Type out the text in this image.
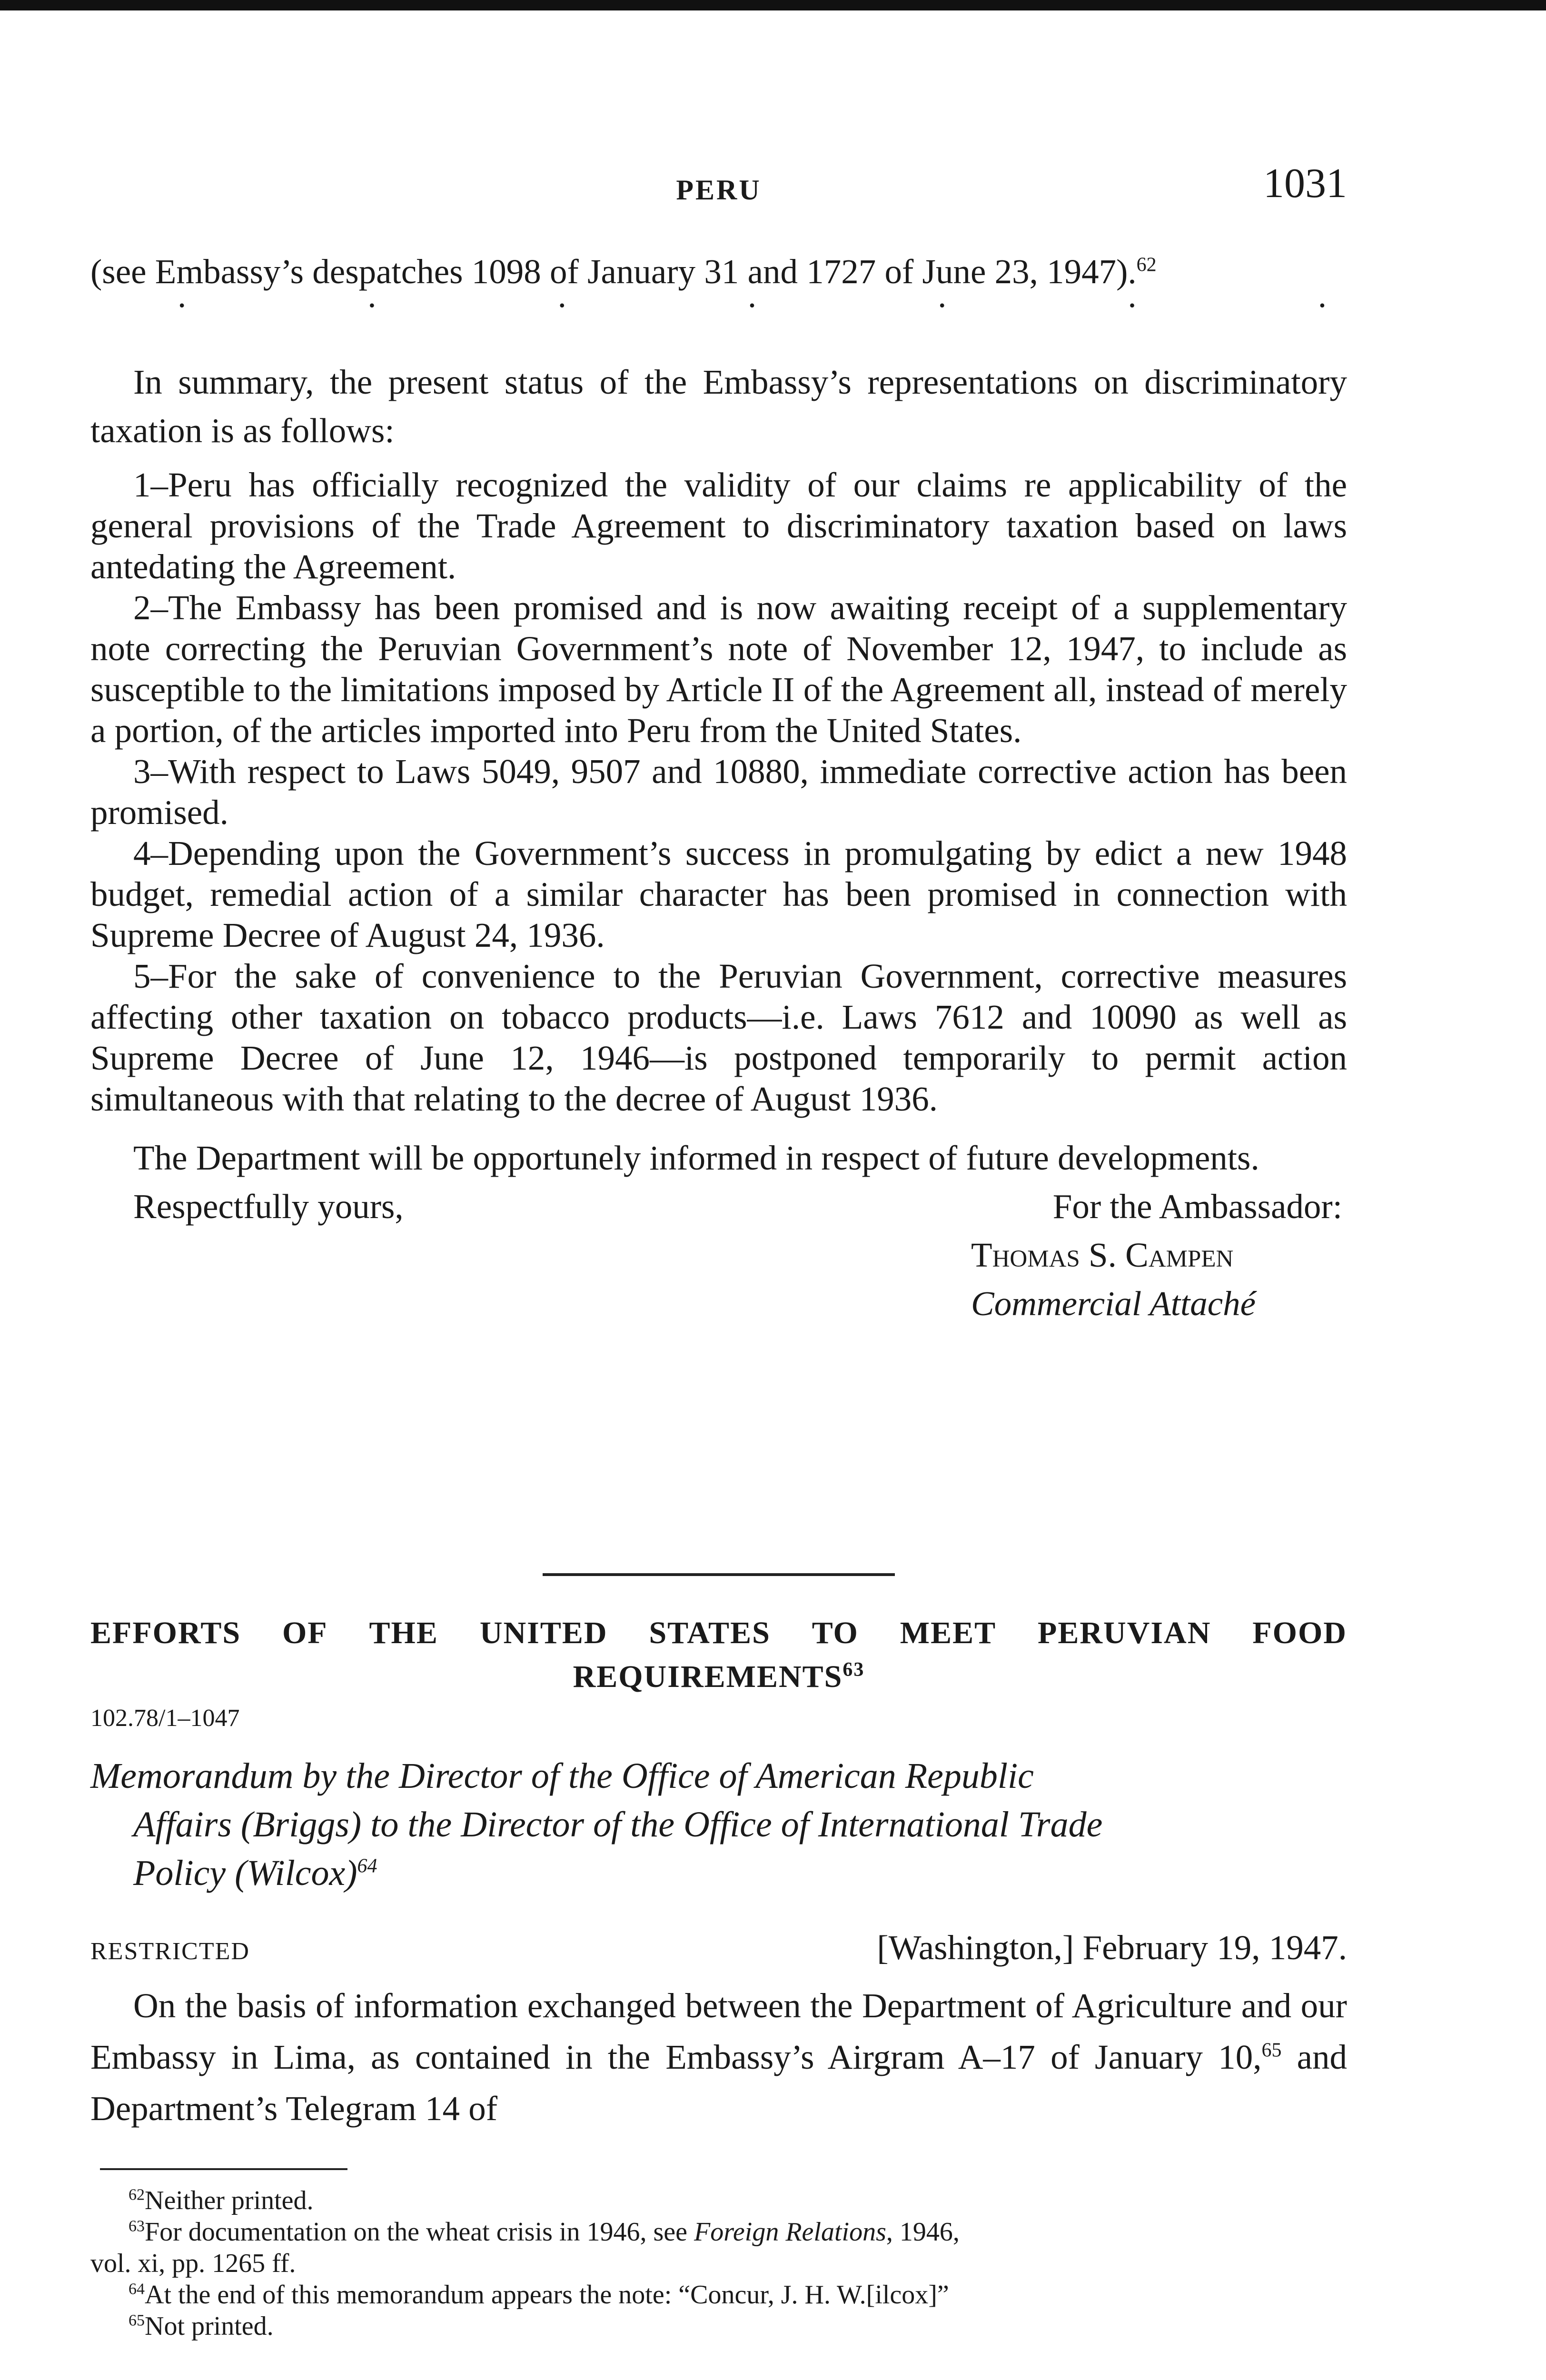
PERU	1031

(see Embassy’s despatches 1098 of January 31 and 1727 of June 23, 1947).$^{62}$

·	·	·	·	·	·	·

In summary, the present status of the Embassy’s representations on discriminatory taxation is as follows:

1–Peru has officially recognized the validity of our claims re applicability of the general provisions of the Trade Agreement to discriminatory taxation based on laws antedating the Agreement.

2–The Embassy has been promised and is now awaiting receipt of a supplementary note correcting the Peruvian Government’s note of November 12, 1947, to include as susceptible to the limitations imposed by Article II of the Agreement all, instead of merely a portion, of the articles imported into Peru from the United States.

3–With respect to Laws 5049, 9507 and 10880, immediate corrective action has been promised.

4–Depending upon the Government’s success in promulgating by edict a new 1948 budget, remedial action of a similar character has been promised in connection with Supreme Decree of August 24, 1936.

5–For the sake of convenience to the Peruvian Government, corrective measures affecting other taxation on tobacco products—i.e. Laws 7612 and 10090 as well as Supreme Decree of June 12, 1946—is postponed temporarily to permit action simultaneous with that relating to the decree of August 1936.

The Department will be opportunely informed in respect of future developments.

Respectfully yours,	For the Ambassador:
Thomas S. Campen
Commercial Attaché
EFFORTS OF THE UNITED STATES TO MEET PERUVIAN FOOD
REQUIREMENTS$^{63}$
102.78/1–1047
Memorandum by the Director of the Office of American Republic
Affairs (Briggs) to the Director of the Office of International Trade
Policy (Wilcox)$^{64}$
RESTRICTED	[Washington,] February 19, 1947.

On the basis of information exchanged between the Department of Agriculture and our Embassy in Lima, as contained in the Embassy’s Airgram A–17 of January 10,65 and Department’s Telegram 14 of

$^{62}$Neither printed.

$^{63}$For documentation on the wheat crisis in 1946, see Foreign Relations, 1946,

vol. xi, pp. 1265 ff.

$^{64}$At the end of this memorandum appears the note: “Concur, J. H. W.[ilcox]”

$^{65}$Not printed.
